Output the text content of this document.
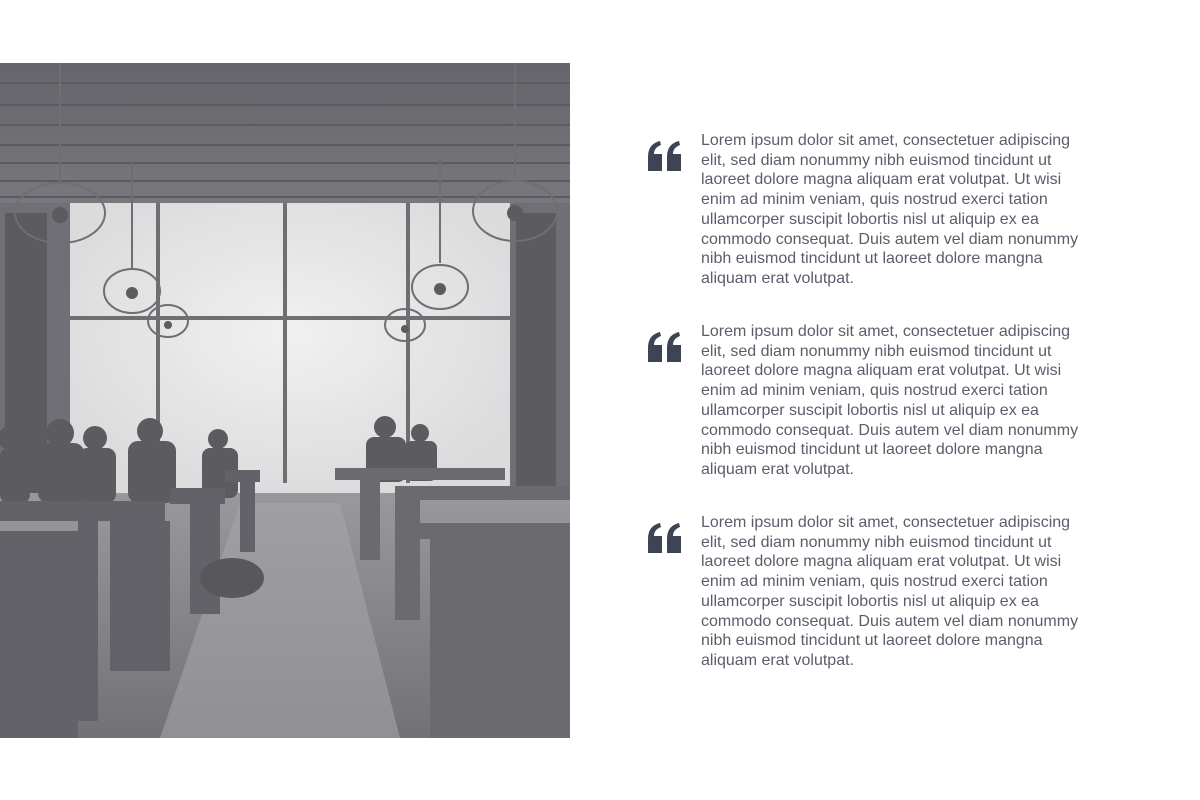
Lorem ipsum dolor sit amet, consectetuer adipiscing elit, sed diam nonummy nibh euismod tincidunt ut laoreet dolore magna aliquam erat volutpat. Ut wisi enim ad minim veniam, quis nostrud exerci tation ullamcorper suscipit lobortis nisl ut aliquip ex ea commodo consequat. Duis autem vel diam nonummy nibh euismod tincidunt ut laoreet dolore mangna aliquam erat volutpat.

Lorem ipsum dolor sit amet, consectetuer adipiscing elit, sed diam nonummy nibh euismod tincidunt ut laoreet dolore magna aliquam erat volutpat. Ut wisi enim ad minim veniam, quis nostrud exerci tation ullamcorper suscipit lobortis nisl ut aliquip ex ea commodo consequat. Duis autem vel diam nonummy nibh euismod tincidunt ut laoreet dolore mangna aliquam erat volutpat.

Lorem ipsum dolor sit amet, consectetuer adipiscing elit, sed diam nonummy nibh euismod tincidunt ut laoreet dolore magna aliquam erat volutpat. Ut wisi enim ad minim veniam, quis nostrud exerci tation ullamcorper suscipit lobortis nisl ut aliquip ex ea commodo consequat. Duis autem vel diam nonummy nibh euismod tincidunt ut laoreet dolore mangna aliquam erat volutpat.
